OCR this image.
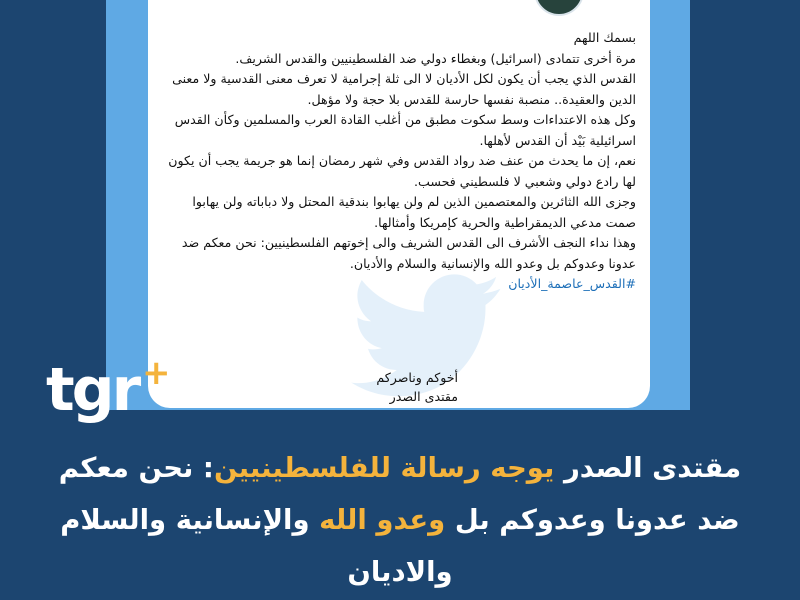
بسمك اللهم

مرة أخرى تتمادى (اسرائيل) وبغطاء دولي ضد الفلسطينيين والقدس الشريف.

القدس الذي يجب أن يكون لكل الأديان لا الى ثلة إجرامية لا تعرف معنى القدسية ولا معنى الدين والعقيدة.. منصبة نفسها حارسة للقدس بلا حجة ولا مؤهل.

وكل هذه الاعتداءات وسط سكوت مطبق من أغلب القادة العرب والمسلمين وكأن القدس اسرائيلية بَيْد أن القدس لأهلها.

نعم، إن ما يحدث من عنف ضد رواد القدس وفي شهر رمضان إنما هو جريمة يجب أن يكون لها رادع دولي وشعبي لا فلسطيني فحسب.

وجزى الله الثائرين والمعتصمين الذين لم ولن يهابوا بندقية المحتل ولا دباباته ولن يهابوا صمت مدعي الديمقراطية والحرية كإمريكا وأمثالها.

وهذا نداء النجف الأشرف الى القدس الشريف والى إخوتهم الفلسطينيين: نحن معكم ضد عدونا وعدوكم بل وعدو الله والإنسانية والسلام والأديان.

#القدس_عاصمة_الأديان

أخوكم وناصركم
مقتدى الصدر
tgr +
مقتدى الصدر يوجه رسالة للفلسطينيين: نحن معكم ضد عدونا وعدوكم بل وعدو الله والإنسانية والسلام والاديان
